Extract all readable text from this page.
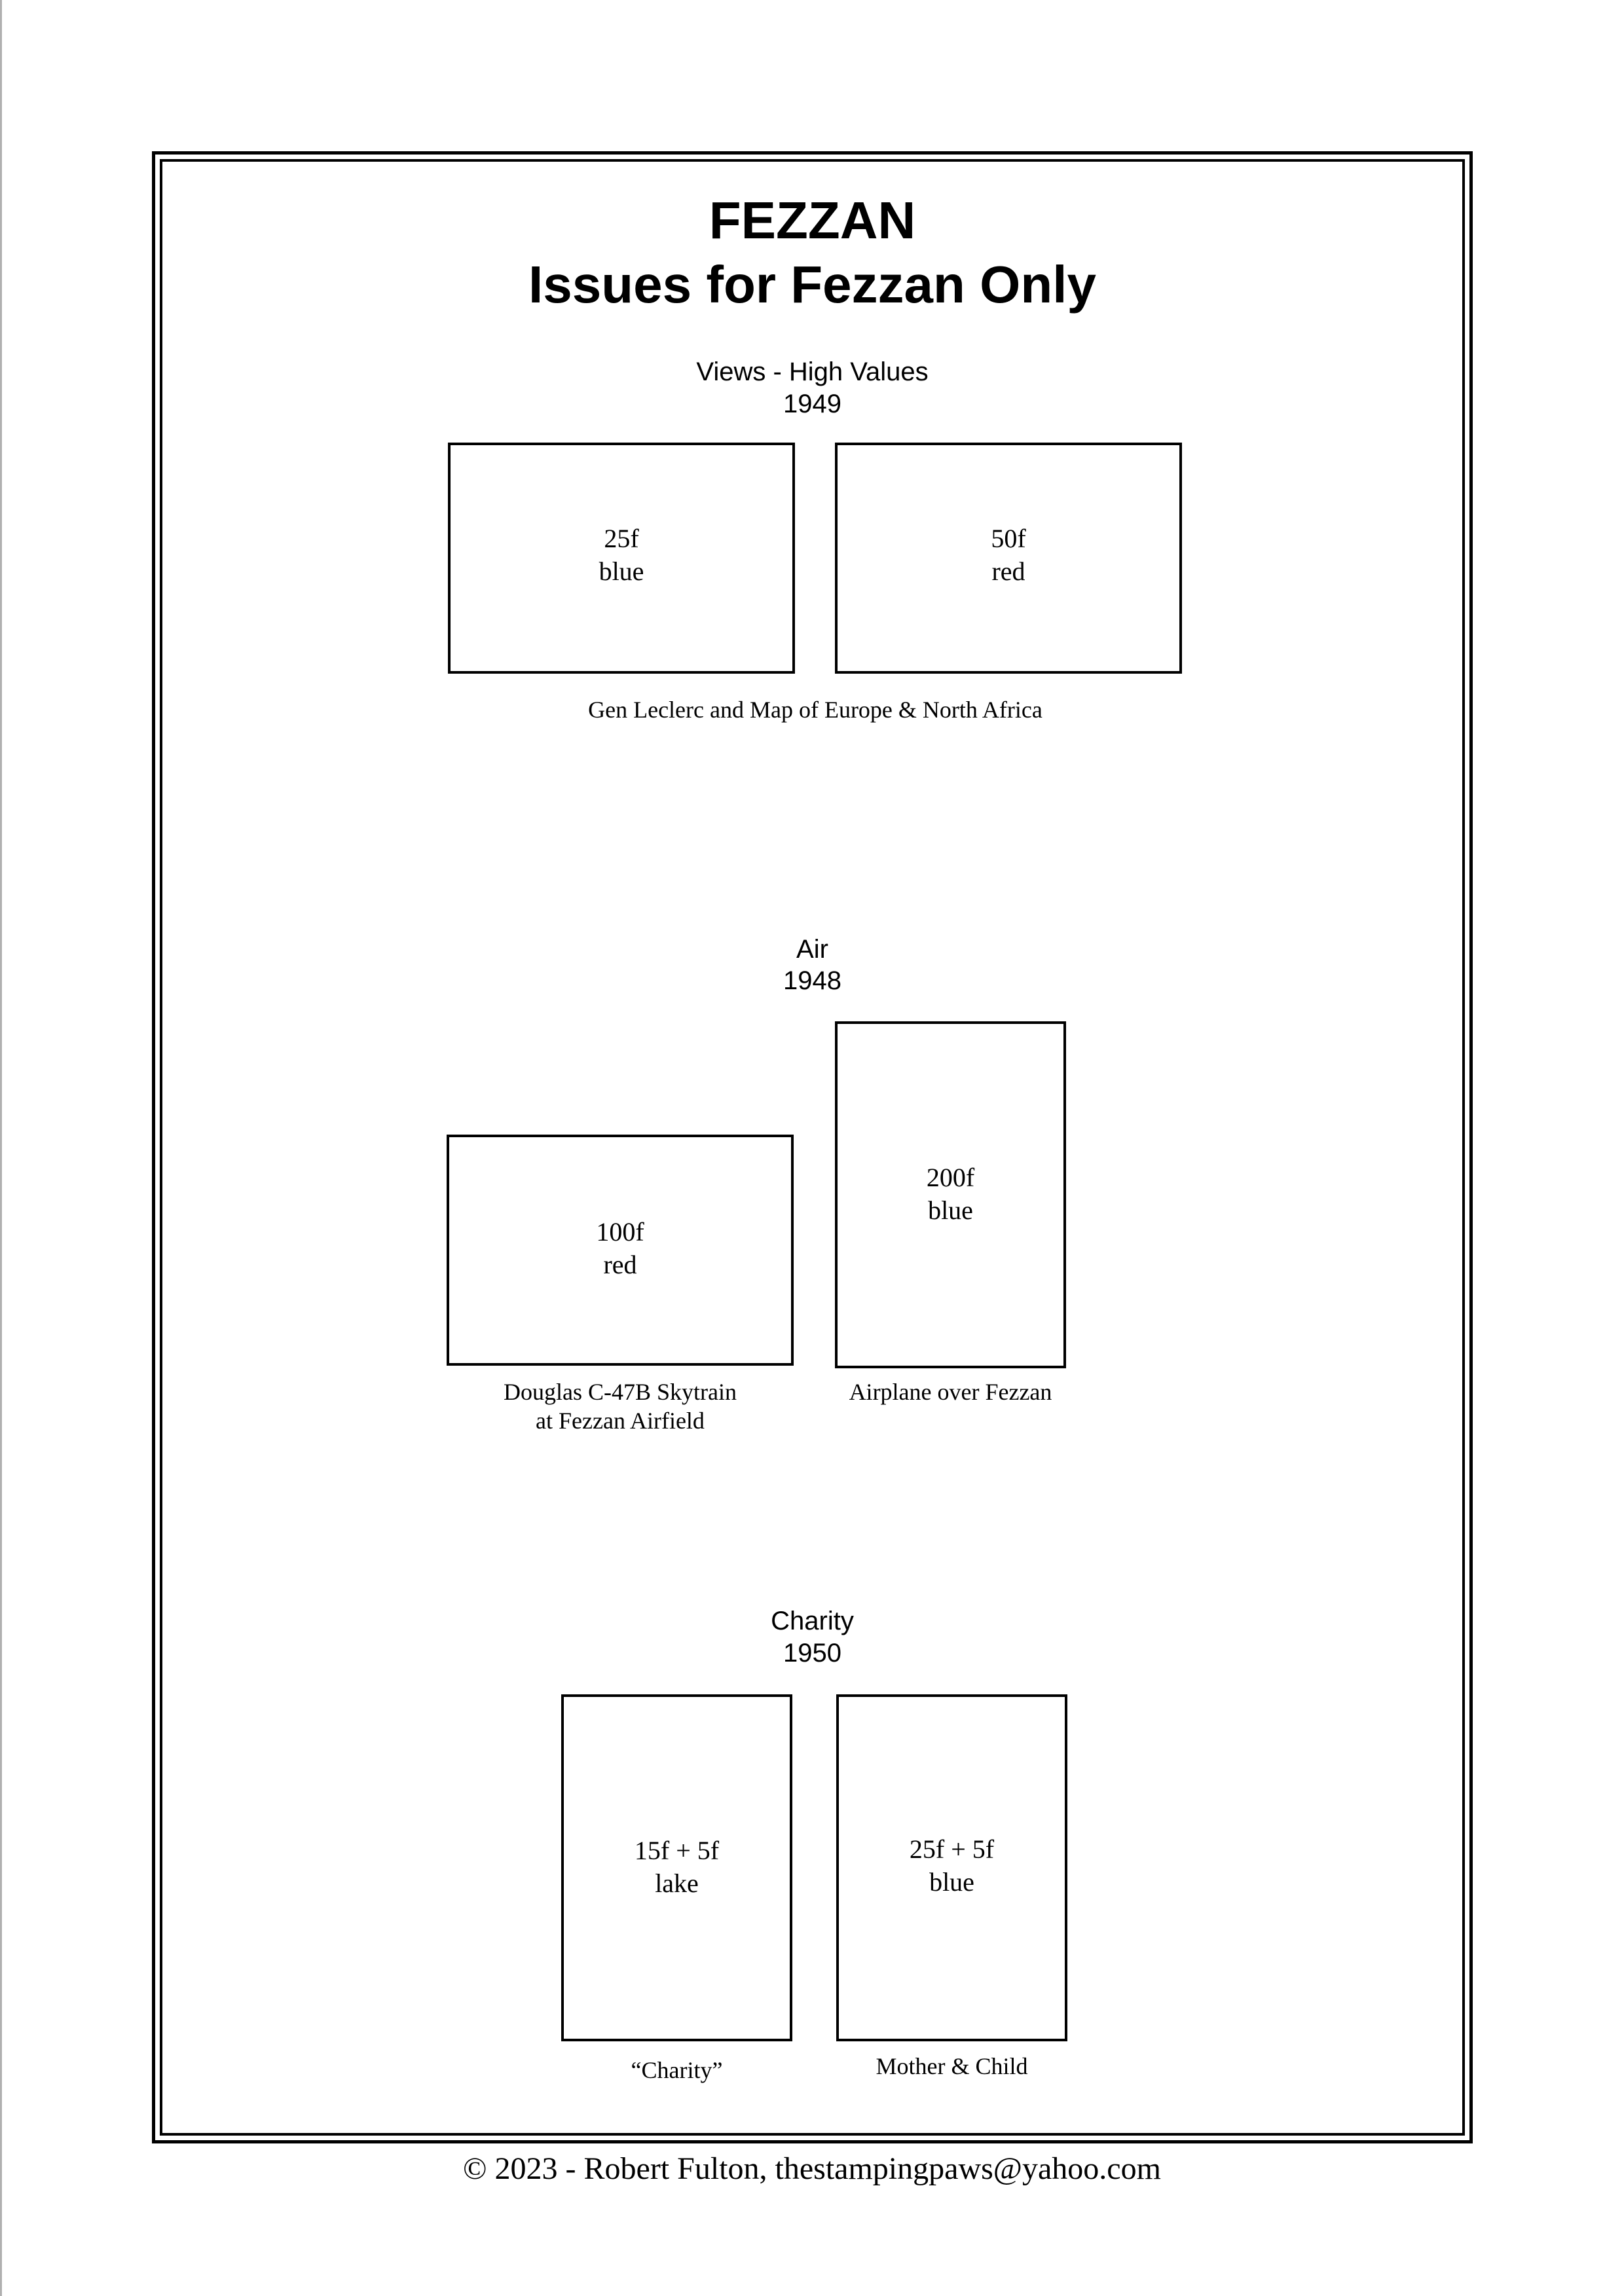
FEZZAN
Issues for Fezzan Only
Views - High Values
1949
25f
blue
50f
red
Gen Leclerc and Map of Europe & North Africa
Air
1948
100f
red
200f
blue
Douglas C-47B Skytrain
at Fezzan Airfield
Airplane over Fezzan
Charity
1950
15f + 5f
lake
25f + 5f
blue
“Charity”	Mother & Child
© 2023 - Robert Fulton, thestampingpaws@yahoo.com
